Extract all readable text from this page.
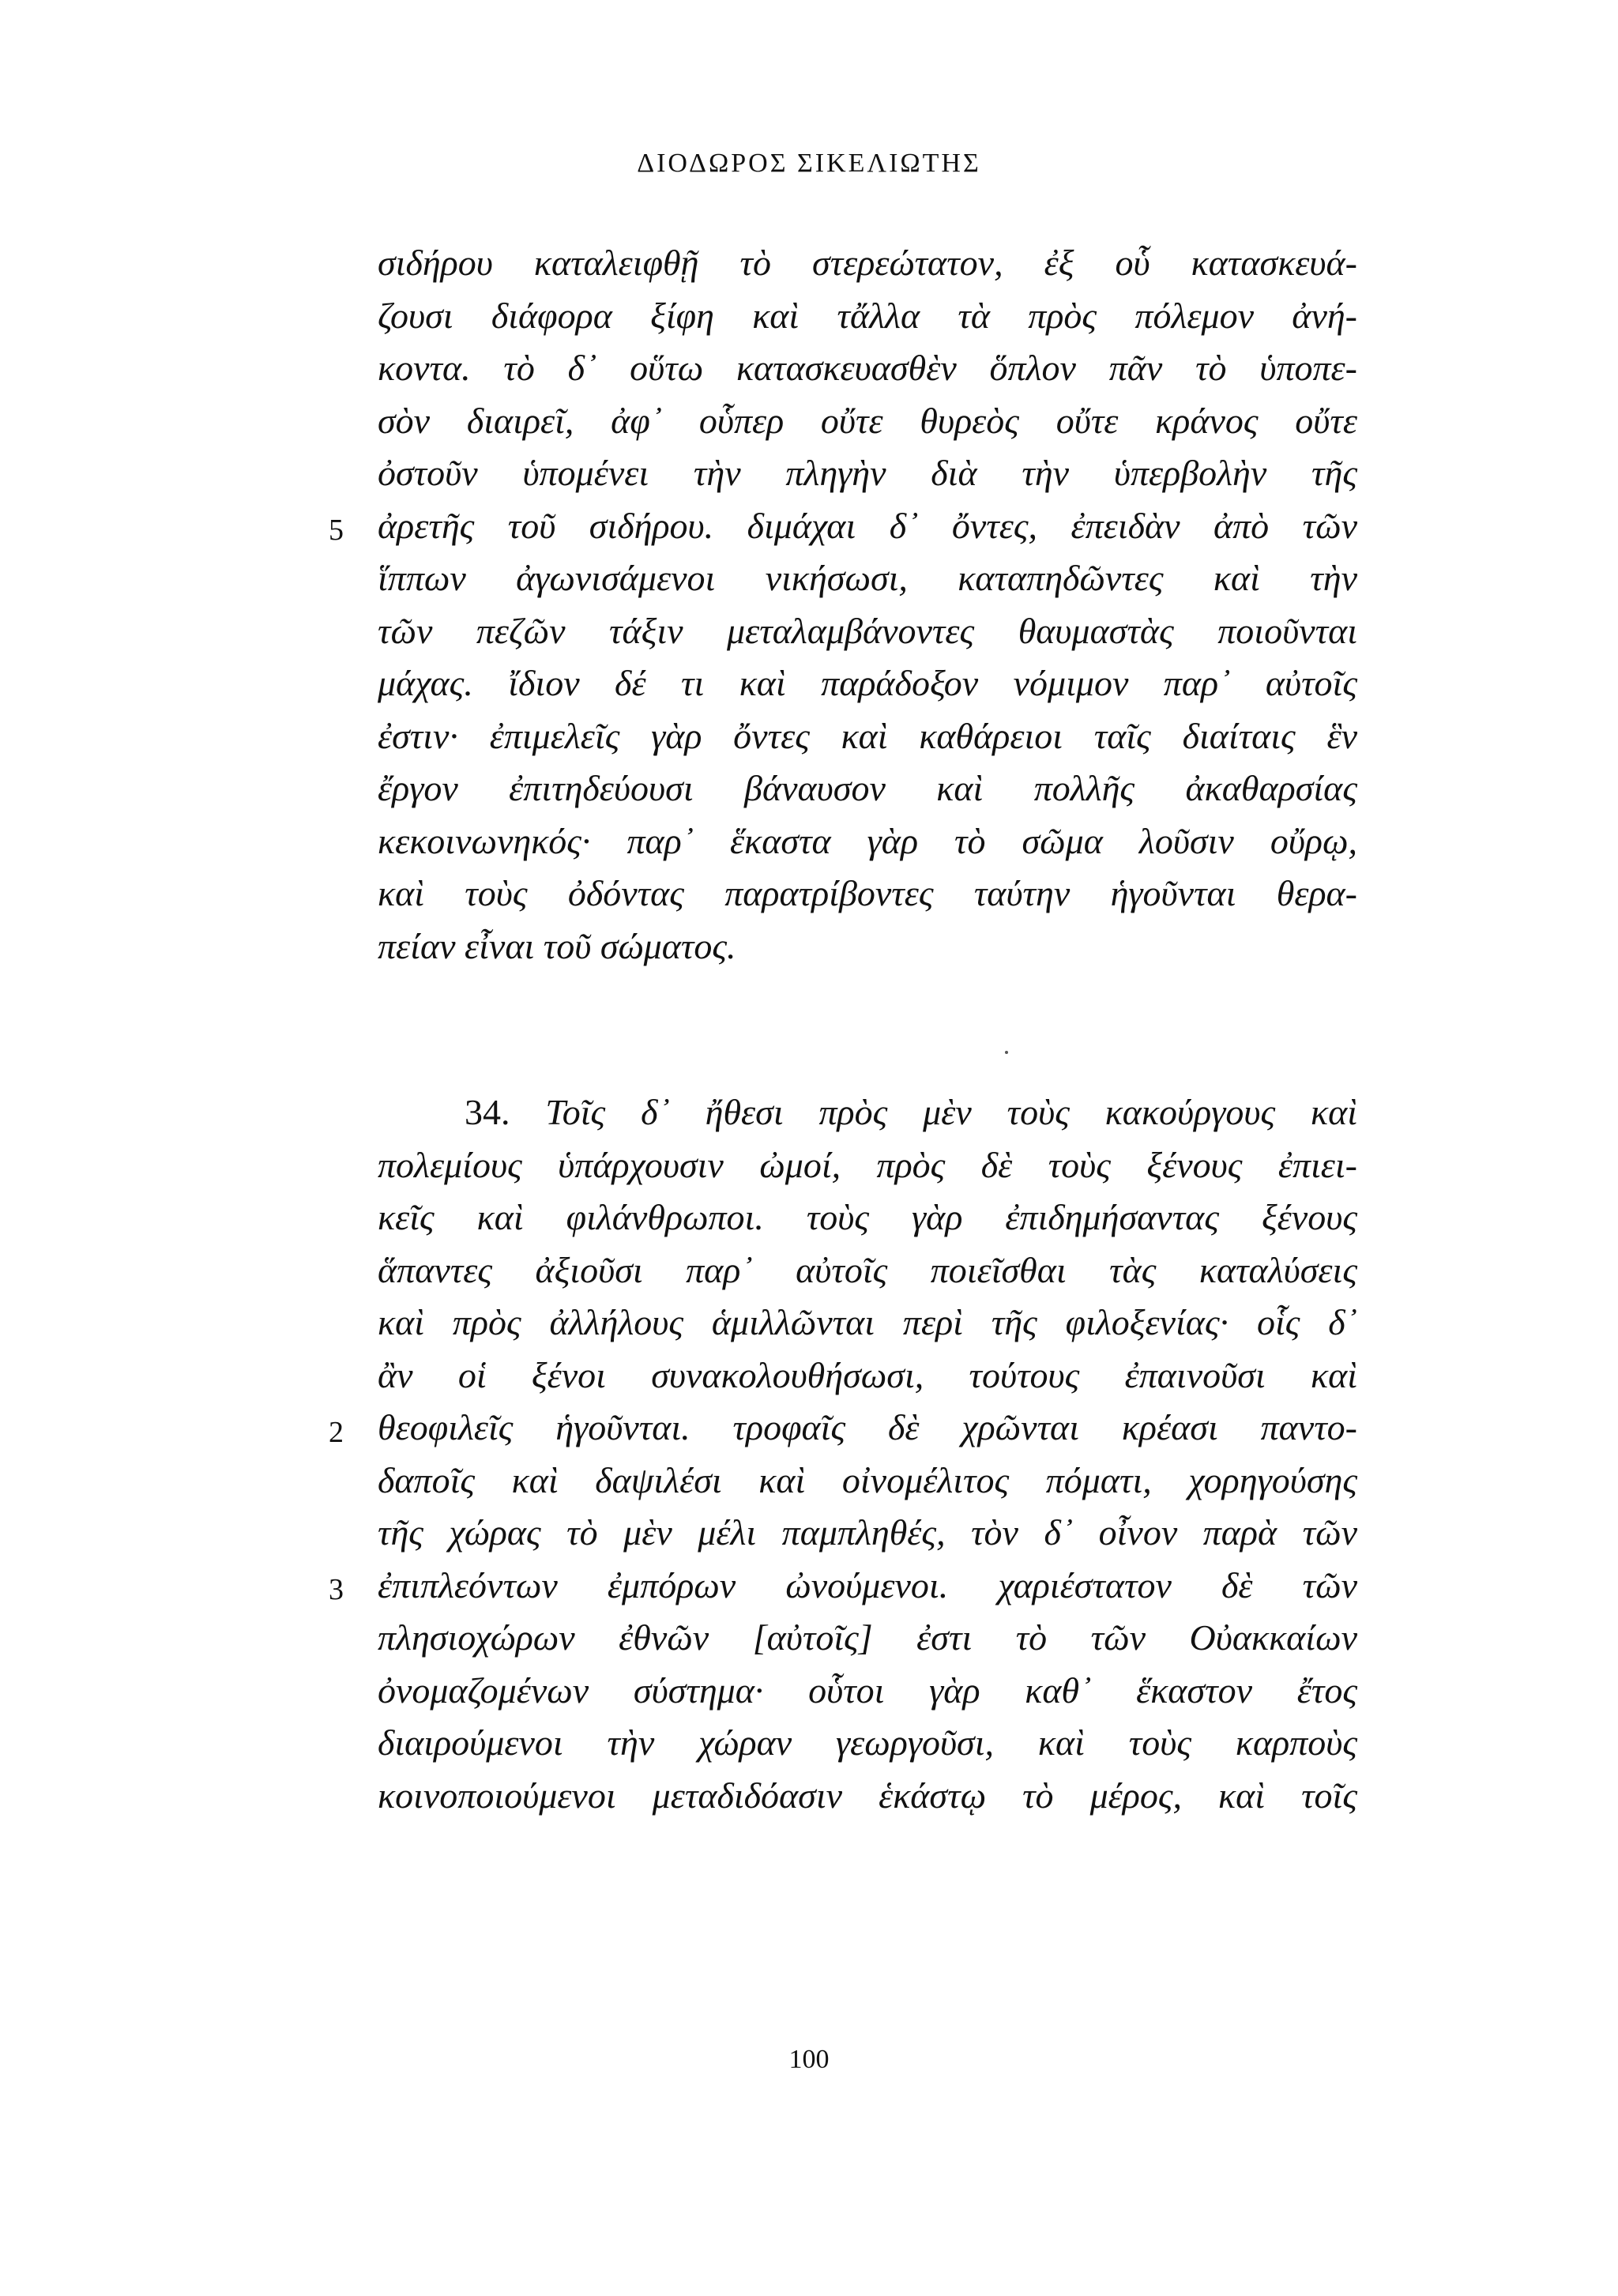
ΔΙΟΔΩΡΟΣ ΣΙΚΕΛΙΩΤΗΣ
σιδήρου καταλειφθῇ τὸ στερεώτατον, ἐξ οὗ κατασκευά-
ζουσι διάφορα ξίφη καὶ τἄλλα τὰ πρὸς πόλεμον ἀνή-
κοντα. τὸ δ᾽ οὕτω κατασκευασθὲν ὅπλον πᾶν τὸ ὑποπε-
σὸν διαιρεῖ, ἀφ᾽ οὗπερ οὔτε θυρεὸς οὔτε κράνος οὔτε
ὀστοῦν ὑπομένει τὴν πληγὴν διὰ τὴν ὑπερβολὴν τῆς
5 ἀρετῆς τοῦ σιδήρου. διμάχαι δ᾽ ὄντες, ἐπειδὰν ἀπὸ τῶν
ἵππων ἀγωνισάμενοι νικήσωσι, καταπηδῶντες καὶ τὴν
τῶν πεζῶν τάξιν μεταλαμβάνοντες θαυμαστὰς ποιοῦνται
μάχας. ἴδιον δέ τι καὶ παράδοξον νόμιμον παρ᾽ αὐτοῖς
ἐστιν· ἐπιμελεῖς γὰρ ὄντες καὶ καθάρειοι ταῖς διαίταις ἓν
ἔργον ἐπιτηδεύουσι βάναυσον καὶ πολλῆς ἀκαθαρσίας
κεκοινωνηκός· παρ᾽ ἕκαστα γὰρ τὸ σῶμα λοῦσιν οὔρῳ,
καὶ τοὺς ὀδόντας παρατρίβοντες ταύτην ἡγοῦνται θερα-
πείαν εἶναι τοῦ σώματος.
34. Τοῖς δ᾽ ἤθεσι πρὸς μὲν τοὺς κακούργους καὶ
πολεμίους ὑπάρχουσιν ὠμοί, πρὸς δὲ τοὺς ξένους ἐπιει-
κεῖς καὶ φιλάνθρωποι. τοὺς γὰρ ἐπιδημήσαντας ξένους
ἅπαντες ἀξιοῦσι παρ᾽ αὐτοῖς ποιεῖσθαι τὰς καταλύσεις
καὶ πρὸς ἀλλήλους ἁμιλλῶνται περὶ τῆς φιλοξενίας· οἷς δ᾽
ἂν οἱ ξένοι συνακολουθήσωσι, τούτους ἐπαινοῦσι καὶ
2 θεοφιλεῖς ἡγοῦνται. τροφαῖς δὲ χρῶνται κρέασι παντο-
δαποῖς καὶ δαψιλέσι καὶ οἰνομέλιτος πόματι, χορηγούσης
τῆς χώρας τὸ μὲν μέλι παμπληθές, τὸν δ᾽ οἶνον παρὰ τῶν
3 ἐπιπλεόντων ἐμπόρων ὠνούμενοι. χαριέστατον δὲ τῶν
πλησιοχώρων ἐθνῶν [αὐτοῖς] ἐστι τὸ τῶν Οὐακκαίων
ὀνομαζομένων σύστημα· οὗτοι γὰρ καθ᾽ ἕκαστον ἔτος
διαιρούμενοι τὴν χώραν γεωργοῦσι, καὶ τοὺς καρποὺς
κοινοποιούμενοι μεταδιδόασιν ἑκάστῳ τὸ μέρος, καὶ τοῖς
100
